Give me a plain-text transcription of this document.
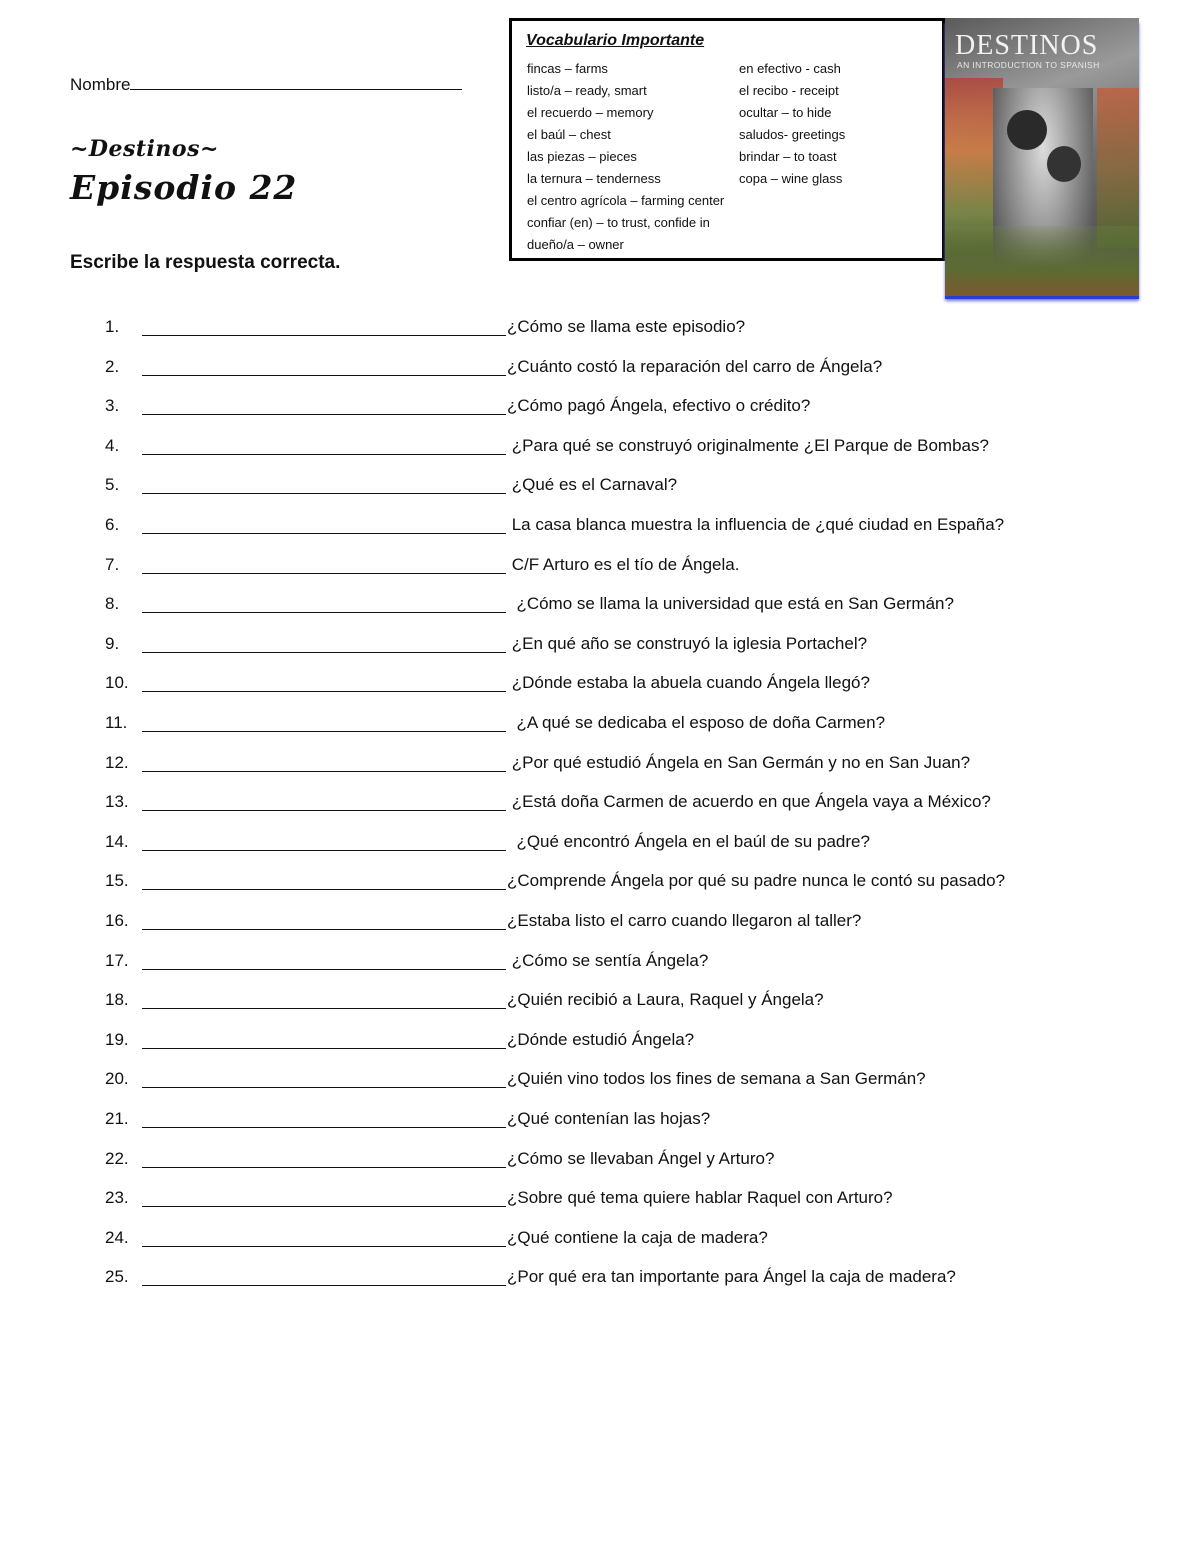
Nombre
~Destinos~
Episodio 22
Escribe la respuesta correcta.
Vocabulario Importante
fincas – farms
listo/a – ready, smart
el recuerdo – memory
el baúl – chest
las piezas – pieces
la ternura – tenderness
el centro agrícola – farming center
confiar (en) – to trust, confide in
dueño/a – owner
en efectivo - cash
el recibo - receipt
ocultar – to hide
saludos- greetings
brindar – to toast
copa – wine glass
DESTINOS
AN INTRODUCTION TO SPANISH
1.	¿Cómo se llama este episodio?
2.	¿Cuánto costó la reparación del carro de Ángela?
3.	¿Cómo pagó Ángela, efectivo o crédito?
4.	¿Para qué se construyó originalmente ¿El Parque de Bombas?
5.	¿Qué es el Carnaval?
6.	La casa blanca muestra la influencia de ¿qué ciudad en España?
7.	C/F Arturo es el tío de Ángela.
8.	¿Cómo se llama la universidad que está en San Germán?
9.	¿En qué año se construyó la iglesia Portachel?
10.	¿Dónde estaba la abuela cuando Ángela llegó?
11.	¿A qué se dedicaba el esposo de doña Carmen?
12.	¿Por qué estudió Ángela en San Germán y no en San Juan?
13.	¿Está doña Carmen de acuerdo en que Ángela vaya a México?
14.	¿Qué encontró Ángela en el baúl de su padre?
15.	¿Comprende Ángela por qué su padre nunca le contó su pasado?
16.	¿Estaba listo el carro cuando llegaron al taller?
17.	¿Cómo se sentía Ángela?
18.	¿Quién recibió a Laura, Raquel y Ángela?
19.	¿Dónde estudió Ángela?
20.	¿Quién vino todos los fines de semana a San Germán?
21.	¿Qué contenían las hojas?
22.	¿Cómo se llevaban Ángel y Arturo?
23.	¿Sobre qué tema quiere hablar Raquel con Arturo?
24.	¿Qué contiene la caja de madera?
25.	¿Por qué era tan importante para Ángel la caja de madera?
